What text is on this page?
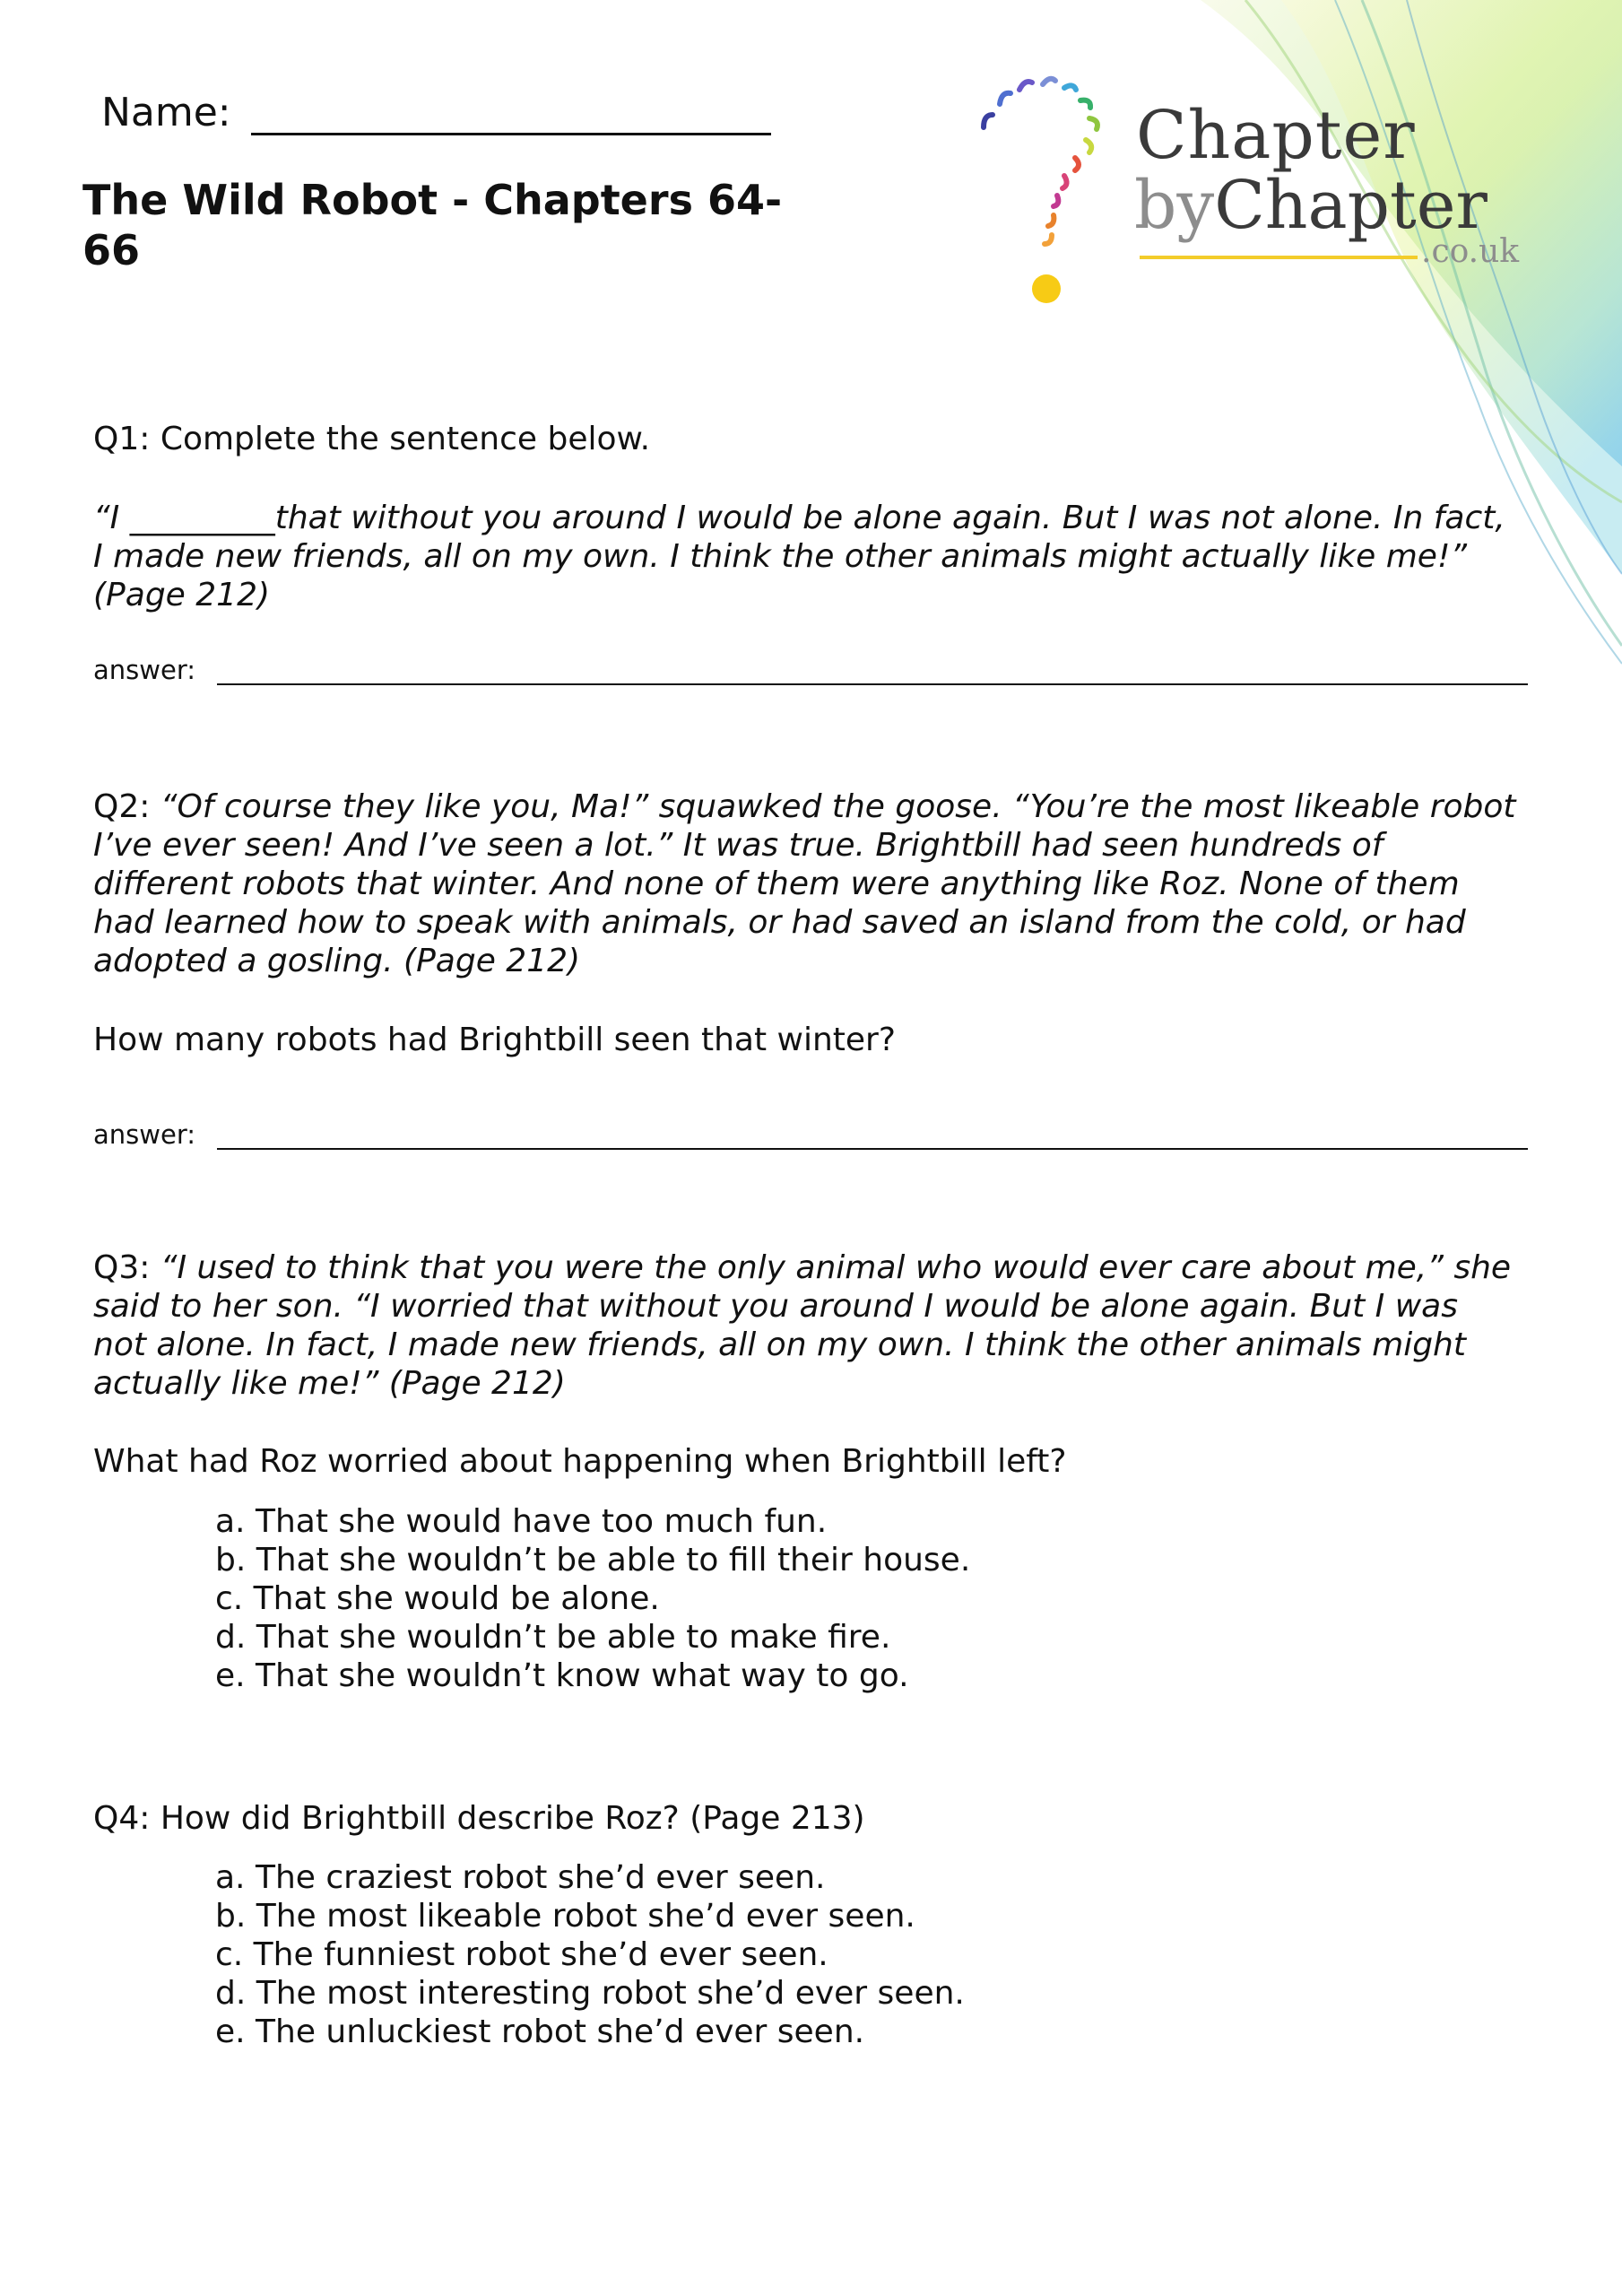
Name:
The Wild Robot - Chapters 64-66
Chapter
byChapter
.co.uk

Q1: Complete the sentence below.

“I _________that without you around I would be alone again. But I was not alone. In fact,

I made new friends, all on my own. I think the other animals might actually like me!”

(Page 212)

answer:

Q2: “Of course they like you, Ma!” squawked the goose. “You’re the most likeable robot

I’ve ever seen! And I’ve seen a lot.” It was true. Brightbill had seen hundreds of

different robots that winter. And none of them were anything like Roz. None of them

had learned how to speak with animals, or had saved an island from the cold, or had

adopted a gosling. (Page 212)

How many robots had Brightbill seen that winter?
answer:

Q3: “I used to think that you were the only animal who would ever care about me,” she

said to her son. “I worried that without you around I would be alone again. But I was

not alone. In fact, I made new friends, all on my own. I think the other animals might

actually like me!” (Page 212)

What had Roz worried about happening when Brightbill left?
a. That she would have too much fun.
b. That she wouldn’t be able to fill their house.
c. That she would be alone.
d. That she wouldn’t be able to make fire.
e. That she wouldn’t know what way to go.
Q4: How did Brightbill describe Roz? (Page 213)
a. The craziest robot she’d ever seen.
b. The most likeable robot she’d ever seen.
c. The funniest robot she’d ever seen.
d. The most interesting robot she’d ever seen.
e. The unluckiest robot she’d ever seen.
